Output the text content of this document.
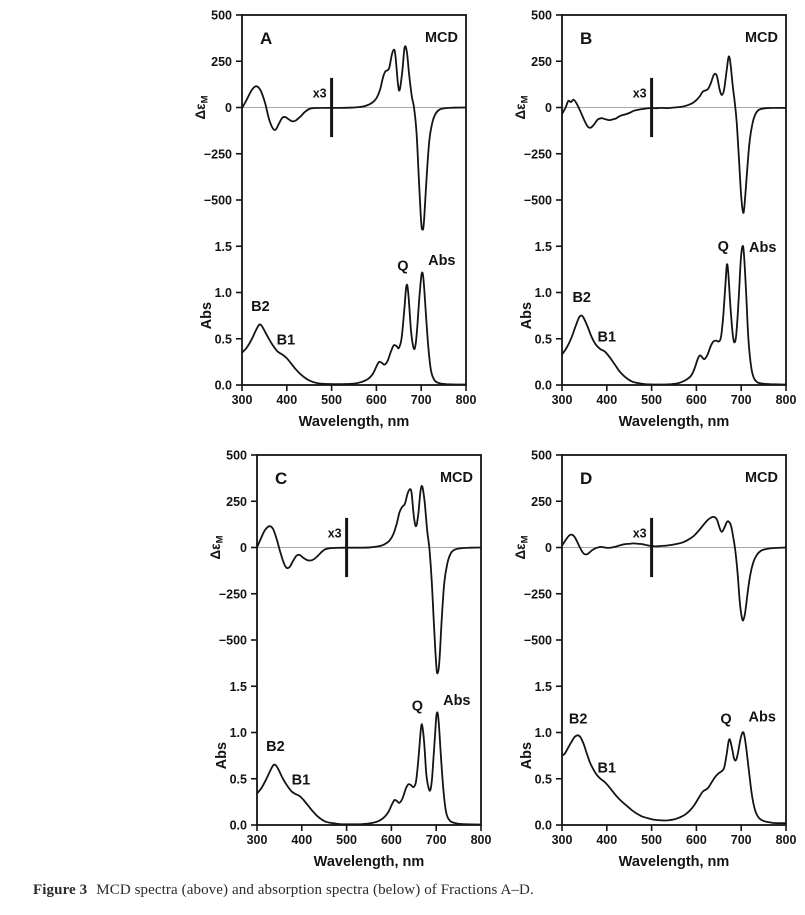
500
250
0
−250
−500
1.5
1.0
0.5
0.0
300 400 500 600 700 800
Wavelength, nm
ΔεM
Abs
x3
A	MCD
B2
B1
Q Abs
500
250
0
−250
−500
1.5
1.0
0.5
0.0
300 400 500 600 700 800
Wavelength, nm
ΔεM
Abs
x3
B	MCD
B2
B1
Q Abs
500
250
0
−250
−500
1.5
1.0
0.5
0.0
300 400 500 600 700 800
Wavelength, nm
ΔεM
Abs
x3
C	MCD
B2
B1
Q Abs
500
250
0
−250
−500
1.5
1.0
0.5
0.0
300 400 500 600 700 800
Wavelength, nm
ΔεM
Abs
x3
D	MCD
B2
B1
Q Abs

Figure 3 MCD spectra (above) and absorption spectra (below) of Fractions A–D.
